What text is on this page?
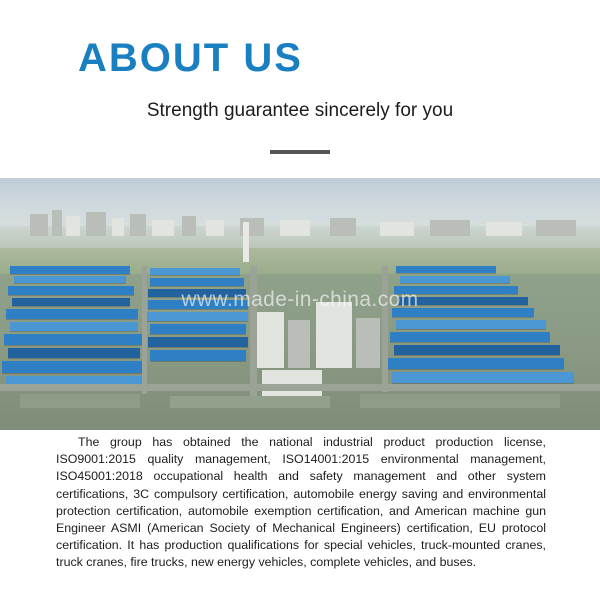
ABOUT US
Strength guarantee sincerely for you
www.made-in-china.com
The group has obtained the national industrial product production license, ISO9001:2015 quality management, ISO14001:2015 environmental management, ISO45001:2018 occupational health and safety management and other system certifications, 3C compulsory certification, automobile energy saving and environmental protection certification, automobile exemption certification, and American machine gun Engineer ASMI (American Society of Mechanical Engineers) certification, EU protocol certification. It has production qualifications for special vehicles, truck-mounted cranes, truck cranes, fire trucks, new energy vehicles, complete vehicles, and buses.
